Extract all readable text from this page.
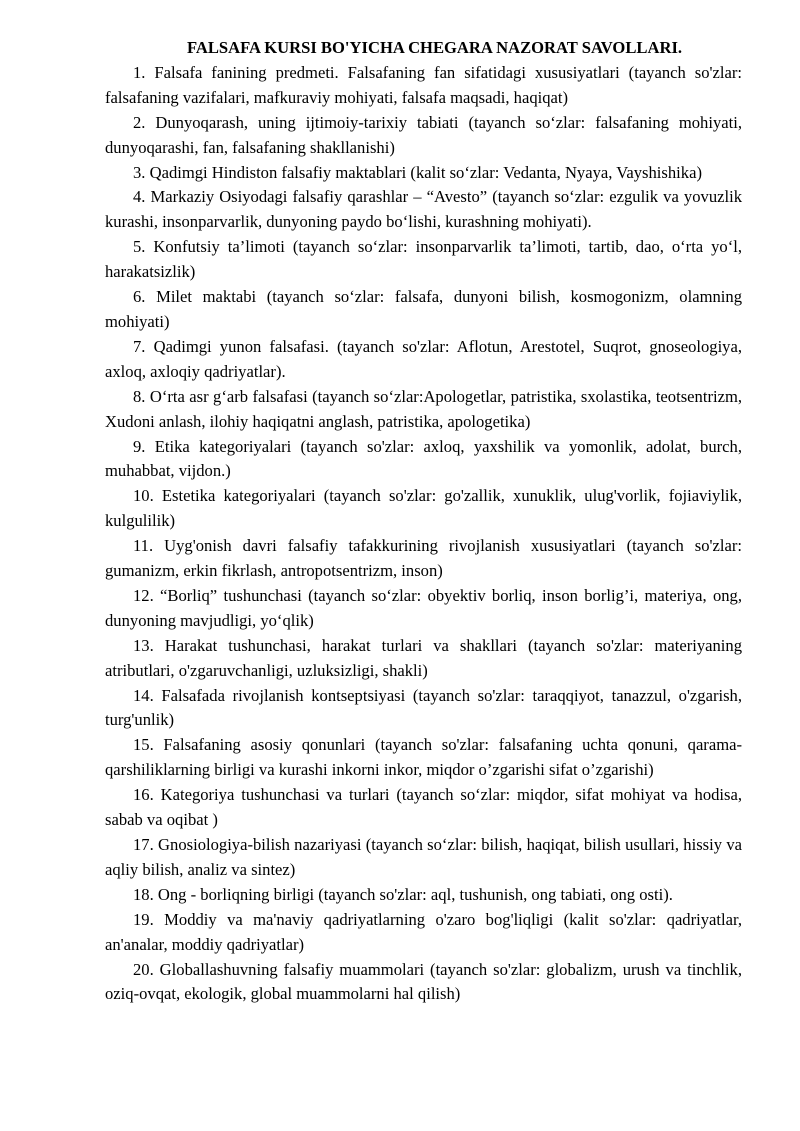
FALSAFA KURSI BO'YICHA CHEGARA NAZORAT SAVOLLARI.

1. Falsafa fanining predmeti. Falsafaning fan sifatidagi xususiyatlari (tayanch so'zlar: falsafaning vazifalari, mafkuraviy mohiyati, falsafa maqsadi, haqiqat)

2. Dunyoqarash, uning ijtimoiy-tarixiy tabiati (tayanch so‘zlar: falsafaning mohiyati, dunyoqarashi, fan, falsafaning shakllanishi)

3. Qadimgi Hindiston falsafiy maktablari (kalit so‘zlar: Vedanta, Nyaya, Vayshishika)

4. Markaziy Osiyodagi falsafiy qarashlar – “Avesto” (tayanch so‘zlar: ezgulik va yovuzlik kurashi, insonparvarlik, dunyoning paydo bo‘lishi, kurashning mohiyati).

5. Konfutsiy ta’limoti (tayanch so‘zlar: insonparvarlik ta’limoti, tartib, dao, o‘rta yo‘l, harakatsizlik)

6. Milet maktabi (tayanch so‘zlar: falsafa, dunyoni bilish, kosmogonizm, olamning mohiyati)

7. Qadimgi yunon falsafasi. (tayanch so'zlar: Aflotun, Arestotel, Suqrot, gnoseologiya, axloq, axloqiy qadriyatlar).

8. O‘rta asr g‘arb falsafasi (tayanch so‘zlar:Apologetlar, patristika, sxolastika, teotsentrizm, Xudoni anlash, ilohiy haqiqatni anglash, patristika, apologetika)

9. Etika kategoriyalari (tayanch so'zlar: axloq, yaxshilik va yomonlik, adolat, burch, muhabbat, vijdon.)

10. Estetika kategoriyalari (tayanch so'zlar: go'zallik, xunuklik, ulug'vorlik, fojiaviylik, kulgulilik)

11. Uyg'onish davri falsafiy tafakkurining rivojlanish xususiyatlari (tayanch so'zlar: gumanizm, erkin fikrlash, antropotsentrizm, inson)

12. “Borliq” tushunchasi (tayanch so‘zlar: obyektiv borliq, inson borlig’i, materiya, ong, dunyoning mavjudligi, yo‘qlik)

13. Harakat tushunchasi, harakat turlari va shakllari (tayanch so'zlar: materiyaning atributlari, o'zgaruvchanligi, uzluksizligi, shakli)

14. Falsafada rivojlanish kontseptsiyasi (tayanch so'zlar: taraqqiyot, tanazzul, o'zgarish, turg'unlik)

15. Falsafaning asosiy qonunlari (tayanch so'zlar: falsafaning uchta qonuni, qarama-qarshiliklarning birligi va kurashi inkorni inkor, miqdor o’zgarishi sifat o’zgarishi)

16. Kategoriya tushunchasi va turlari (tayanch so‘zlar: miqdor, sifat mohiyat va hodisa, sabab va oqibat )

17. Gnosiologiya-bilish nazariyasi (tayanch so‘zlar: bilish, haqiqat, bilish usullari, hissiy va aqliy bilish, analiz va sintez)

18. Ong - borliqning birligi (tayanch so'zlar: aql, tushunish, ong tabiati, ong osti).

19. Moddiy va ma'naviy qadriyatlarning o'zaro bog'liqligi (kalit so'zlar: qadriyatlar, an'analar, moddiy qadriyatlar)

20. Globallashuvning falsafiy muammolari (tayanch so'zlar: globalizm, urush va tinchlik, oziq-ovqat, ekologik, global muammolarni hal qilish)
